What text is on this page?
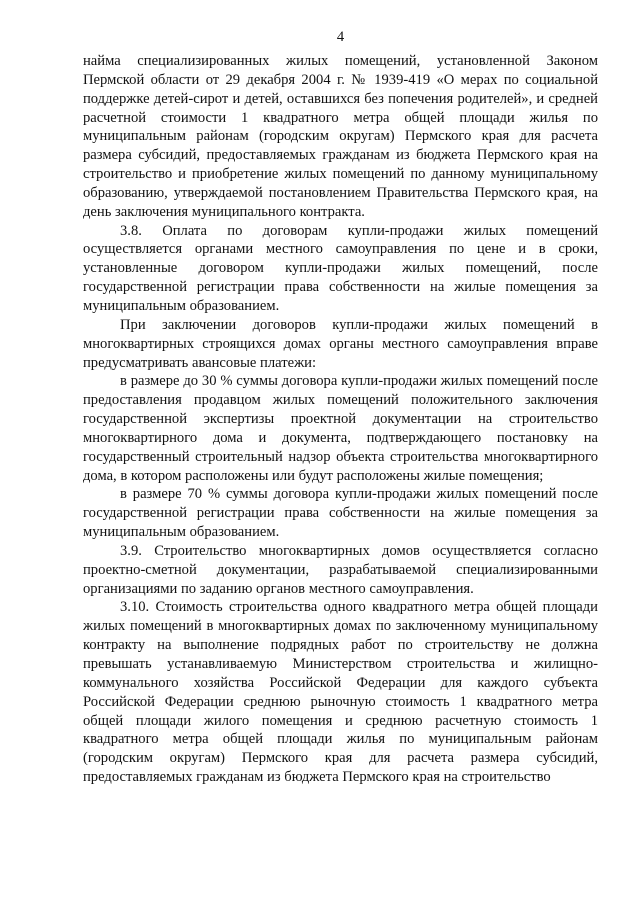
4

найма специализированных жилых помещений, установленной Законом Пермской области от 29 декабря 2004 г. № 1939-419 «О мерах по социальной поддержке детей-сирот и детей, оставшихся без попечения родителей», и средней расчетной стоимости 1 квадратного метра общей площади жилья по муниципальным районам (городским округам) Пермского края для расчета размера субсидий, предоставляемых гражданам из бюджета Пермского края на строительство и приобретение жилых помещений по данному муниципальному образованию, утверждаемой постановлением Правительства Пермского края, на день заключения муниципального контракта.

3.8. Оплата по договорам купли-продажи жилых помещений осуществляется органами местного самоуправления по цене и в сроки, установленные договором купли-продажи жилых помещений, после государственной регистрации права собственности на жилые помещения за муниципальным образованием.

При заключении договоров купли-продажи жилых помещений в многоквартирных строящихся домах органы местного самоуправления вправе предусматривать авансовые платежи:

в размере до 30 % суммы договора купли-продажи жилых помещений после предоставления продавцом жилых помещений положительного заключения государственной экспертизы проектной документации на строительство многоквартирного дома и документа, подтверждающего постановку на государственный строительный надзор объекта строительства многоквартирного дома, в котором расположены или будут расположены жилые помещения;

в размере 70 % суммы договора купли-продажи жилых помещений после государственной регистрации права собственности на жилые помещения за муниципальным образованием.

3.9. Строительство многоквартирных домов осуществляется согласно проектно-сметной документации, разрабатываемой специализированными организациями по заданию органов местного самоуправления.

3.10. Стоимость строительства одного квадратного метра общей площади жилых помещений в многоквартирных домах по заключенному муниципальному контракту на выполнение подрядных работ по строительству не должна превышать устанавливаемую Министерством строительства и жилищно-коммунального хозяйства Российской Федерации для каждого субъекта Российской Федерации среднюю рыночную стоимость 1 квадратного метра общей площади жилого помещения и среднюю расчетную стоимость 1 квадратного метра общей площади жилья по муниципальным районам (городским округам) Пермского края для расчета размера субсидий, предоставляемых гражданам из бюджета Пермского края на строительство
